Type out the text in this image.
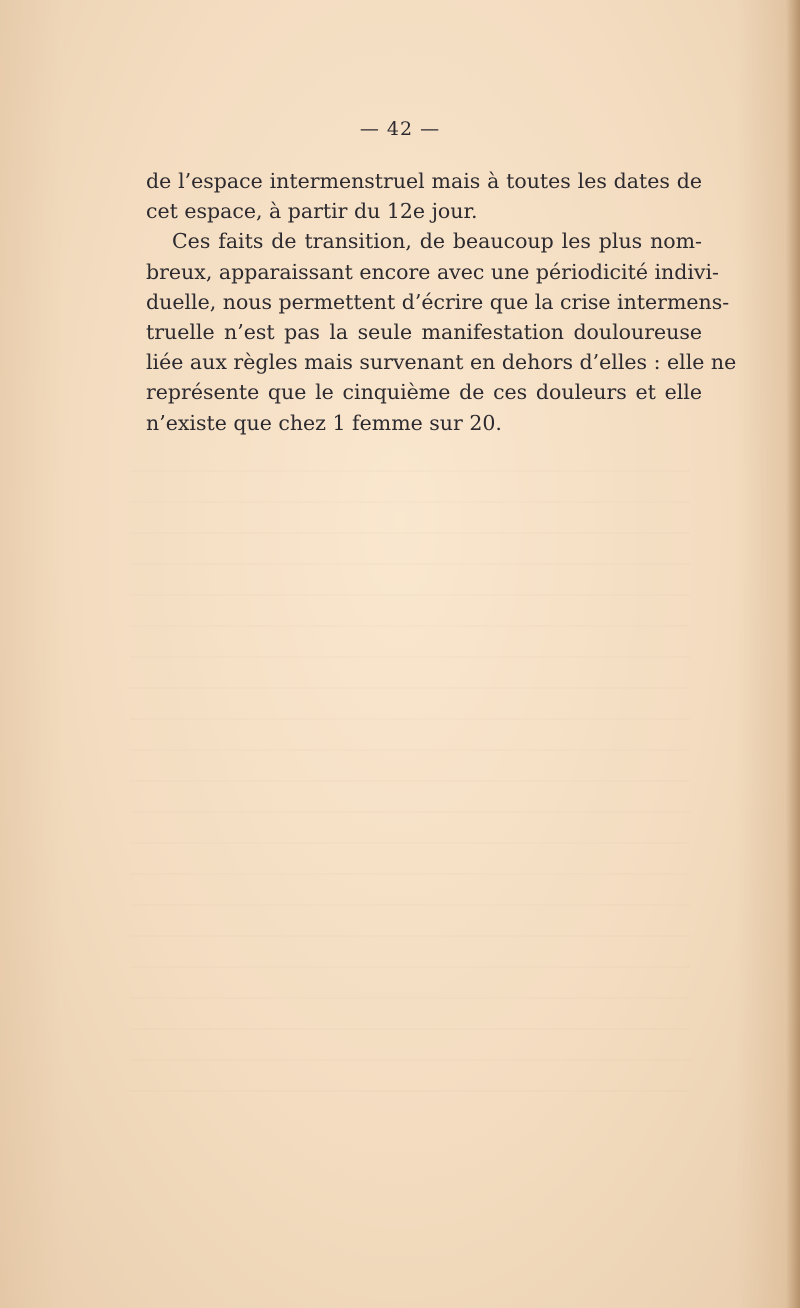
— 42 —
de l’espace intermenstruel mais à toutes les dates de
cet espace, à partir du 12e jour.
Ces faits de transition, de beaucoup les plus nom-
breux, apparaissant encore avec une périodicité indivi-
duelle, nous permettent d’écrire que la crise intermens-
truelle n’est pas la seule manifestation douloureuse
liée aux règles mais survenant en dehors d’elles : elle ne
représente que le cinquième de ces douleurs et elle
n’existe que chez 1 femme sur 20.
